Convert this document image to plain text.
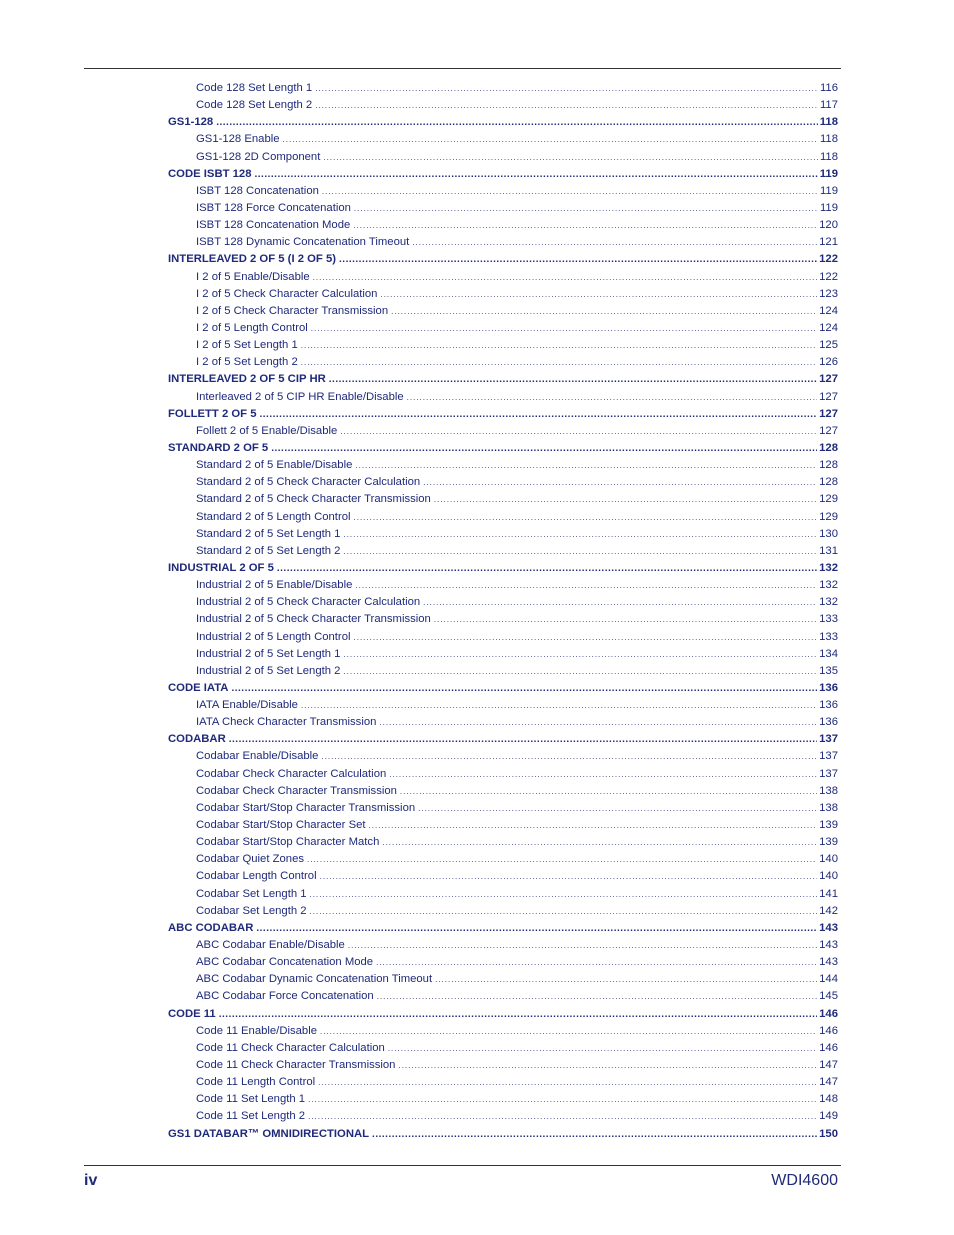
Code 128 Set Length 1 .....	116
Code 128 Set Length 2 .....	117
GS1-128 .....	118
GS1-128 Enable .....	118
GS1-128 2D Component .....	118
CODE ISBT 128 .....	119
ISBT 128 Concatenation .....	119
ISBT 128 Force Concatenation .....	119
ISBT 128 Concatenation Mode .....	120
ISBT 128 Dynamic Concatenation Timeout .....	121
INTERLEAVED 2 OF 5 (I 2 OF 5) .....	122
I 2 of 5 Enable/Disable .....	122
I 2 of 5 Check Character Calculation .....	123
I 2 of 5 Check Character Transmission .....	124
I 2 of 5 Length Control .....	124
I 2 of 5 Set Length 1 .....	125
I 2 of 5 Set Length 2 .....	126
INTERLEAVED 2 OF 5 CIP HR .....	127
Interleaved 2 of 5 CIP HR Enable/Disable .....	127
FOLLETT 2 OF 5 .....	127
Follett 2 of 5 Enable/Disable .....	127
STANDARD 2 OF 5 .....	128
Standard 2 of 5 Enable/Disable .....	128
Standard 2 of 5 Check Character Calculation .....	128
Standard 2 of 5 Check Character Transmission .....	129
Standard 2 of 5 Length Control .....	129
Standard 2 of 5 Set Length 1 .....	130
Standard 2 of 5 Set Length 2 .....	131
INDUSTRIAL 2 OF 5 .....	132
Industrial 2 of 5 Enable/Disable .....	132
Industrial 2 of 5 Check Character Calculation .....	132
Industrial 2 of 5 Check Character Transmission .....	133
Industrial 2 of 5 Length Control .....	133
Industrial 2 of 5 Set Length 1 .....	134
Industrial 2 of 5 Set Length 2 .....	135
CODE IATA .....	136
IATA Enable/Disable .....	136
IATA Check Character Transmission .....	136
CODABAR .....	137
Codabar Enable/Disable .....	137
Codabar Check Character Calculation .....	137
Codabar Check Character Transmission .....	138
Codabar Start/Stop Character Transmission .....	138
Codabar Start/Stop Character Set .....	139
Codabar Start/Stop Character Match .....	139
Codabar Quiet Zones .....	140
Codabar Length Control .....	140
Codabar Set Length 1 .....	141
Codabar Set Length 2 .....	142
ABC CODABAR .....	143
ABC Codabar Enable/Disable .....	143
ABC Codabar Concatenation Mode .....	143
ABC Codabar Dynamic Concatenation Timeout .....	144
ABC Codabar Force Concatenation .....	145
CODE 11 .....	146
Code 11 Enable/Disable .....	146
Code 11 Check Character Calculation .....	146
Code 11 Check Character Transmission .....	147
Code 11 Length Control .....	147
Code 11 Set Length 1 .....	148
Code 11 Set Length 2 .....	149
GS1 DATABAR™ OMNIDIRECTIONAL .....	150
iv	WDI4600
